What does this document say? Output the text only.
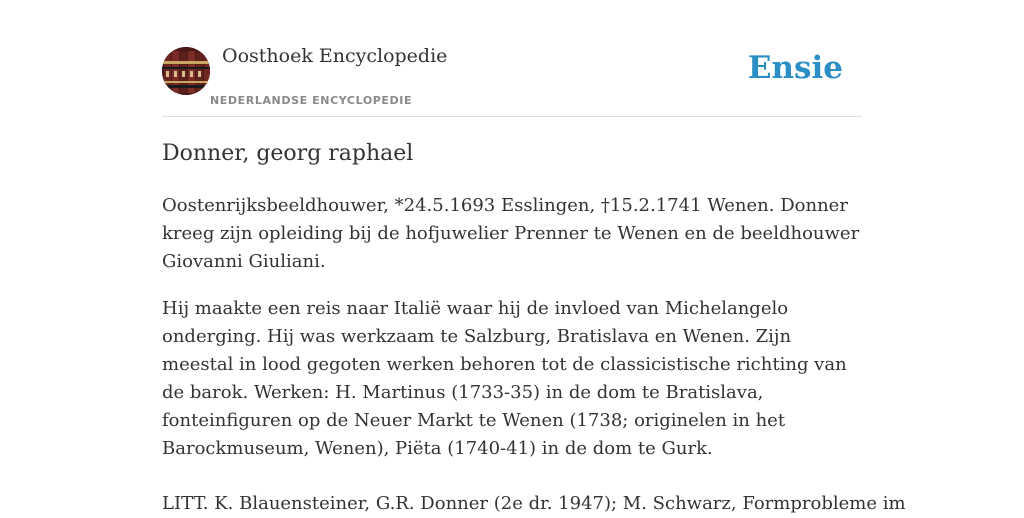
Oosthoek Encyclopedie
NEDERLANDSE ENCYCLOPEDIE
Ensie
Donner, georg raphael

Oostenrijksbeeldhouwer, *24.5.1693 Esslingen, †15.2.1741 Wenen. Donner kreeg zijn opleiding bij de hofjuwelier Prenner te Wenen en de beeldhouwer Giovanni Giuliani.

Hij maakte een reis naar Italië waar hij de invloed van Michelangelo onderging. Hij was werkzaam te Salzburg, Bratislava en Wenen. Zijn meestal in lood gegoten werken behoren tot de classicistische richting van de barok. Werken: H. Martinus (1733-35) in de dom te Bratislava, fonteinfiguren op de Neuer Markt te Wenen (1738; originelen in het Barockmuseum, Wenen), Piëta (1740-41) in de dom te Gurk.

LITT. K. Blauensteiner, G.R. Donner (2e dr. 1947); M. Schwarz, Formprobleme im
